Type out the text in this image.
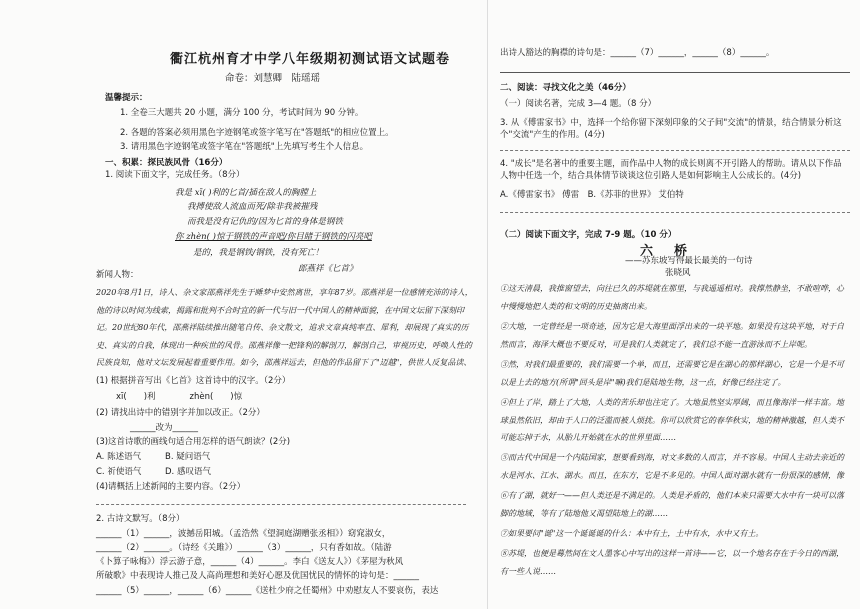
衢江杭州育才中学八年级期初测试语文试题卷
命卷：刘慧卿　陆瑶瑶
温馨提示：
1. 全卷三大题共 20 小题，满分 100 分，考试时间为 90 分钟。
2. 各题的答案必须用黑色字迹钢笔或签字笔写在"答题纸"的相应位置上。
3. 请用黑色字迹钢笔或签字笔在"答题纸"上先填写考生个人信息。
一、积累：探民族风骨（16分）
1. 阅读下面文字，完成任务。（8分）
我是 xī( )利的匕首/插在敌人的胸膛上
我搏使敌人流血而死/除非我被摧残
而我是没有记仇的/因为匕首的身体是钢铁
你 zhèn( )惊于钢铁的声音吧/你目睹于钢铁的闪亮吧
是的，我是钢铁/钢铁，没有死亡！
郎燕祥《匕首》
新闻人物：
2020年8月1日，诗人、杂文家邵燕祥先生于睡梦中安然离世，享年87岁。邵燕祥是一位感情充沛的诗人，他的诗以时间为线索，揭露和批判不合时宜的新一代与旧一代中国人的精神面貌，在中国文坛留下深刻印记。20世纪80年代，邵燕祥陆续推出随笔自传、杂文散文，追求文章真纯率直、犀利，却展现了真实的历史、真实的自我，体现出一种疾世的风骨。邵燕祥像一把锋利的解剖刀，解剖自己，审视历史，呼唤人性的民族良知，他对文坛发展起着重要作用。如今，邵燕祥远去，但他的作品留下了"迈越"，供世人反复品读、
(1) 根据拼音写出《匕首》这首诗中的汉字。（2分）
xī(　　)利　　　　zhèn(　　)惊
(2) 请找出诗中的错别字并加以改正。（2分）
______改为______
(3)这首诗歌的画线句适合用怎样的语气朗读？(2分)
A. 陈述语气	B. 疑问语气
C. 祈使语气	D. 感叹语气
(4)请概括上述新闻的主要内容。（2分）
2. 古诗文默写。（8分）
______（1）______，波撼岳阳城。（孟浩然《望洞庭湖赠张丞相》）窈窕淑女，
______（2）______。（诗经《关雎》）______（3）______，只有香如故。（陆游
《卜算子咏梅》）浮云游子意，______（4）______。李白《送友人》）《茅屋为秋风
所破歌》中表现诗人推己及人高尚理想和美好心愿及优国忧民的情怀的诗句是：______
______（5）______，______（6）______《送杜少府之任蜀州》中劝慰友人不要哀伤，表达
出诗人豁达的胸襟的诗句是：______（7）______，______（8）______。
二、阅读：寻找文化之美（46分）
（一）阅读名著，完成 3—4 题。（8 分）
3. 从《傅雷家书》中，选择一个给你留下深刻印象的父子间"交流"的情景，结合情景分析这个"交流"产生的作用。(4分)
4. "成长"是名著中的重要主题，而作品中人物的成长则离不开引路人的帮助。请从以下作品人物中任选一个，结合具体情节谈谈这位引路人是如何影响主人公成长的。(4分)
A.《傅雷家书》 傅雷　B.《苏菲的世界》 艾伯特
（二）阅读下面文字，完成 7-9 题。（10 分）
六　桥
——苏东坡写得最长最美的一句诗
张晓风
①这天清晨，我推窗望去，向往已久的苏堤就在那里，与我遥遥相对。我撑然静坐，不敢喧哗，心中慢慢地把人类的和文明的历史抽离出来。
②大地，一定曾经是一项奇迹，因为它是大海里面浮出来的一块平地。如果没有这块平地，对于自然而言，海泽大概也不要反对，可是我们人类就定了，我们总不能一直游泳而不上岸呢。
③然，对我们最重要的，我们需要一个单，而且，还需要它是在湖心的那样湖心，它是一个是不可以是上去的地方(所谓"回头是岸"嘛)我们是陆地生物，这一点，好像已经注定了。
④但上了岸，踏上了大地，人类的苦乐却也注定了。大地虽然坚实厚阔，而且像海洋一样丰富。地球虽然依旧，却由于人口的泛滥而被人烦扰。你可以欣赏它的春华秋实，地的精神激越，但人类不可能忘掉于水，从胎儿开始就在水的世界里面……
⑤而古代中国是一个内陆国家，想要看到海，对文多数的人而言，并不容易。中国人主动去亲近的水是河水、江水、湖水。而且，在东方，它是不多见的。中国人面对湖水就有一份很深的感情，像
⑥有了湖，就好一——但人类还是不满足的。人类是矛盾的，他们本来只需要大水中有一块可以落脚的地域，等有了陆地他又渴望陆地上的湖……
⑦如果要问"诞"这一个诞诞诞的什么：本中有土，土中有水，水中又有土。
⑧苏堤，也便是蓦然间在文人墨客心中写出的这样一首诗——它，以一个地名存在于今日的西湖，有一些人说……
